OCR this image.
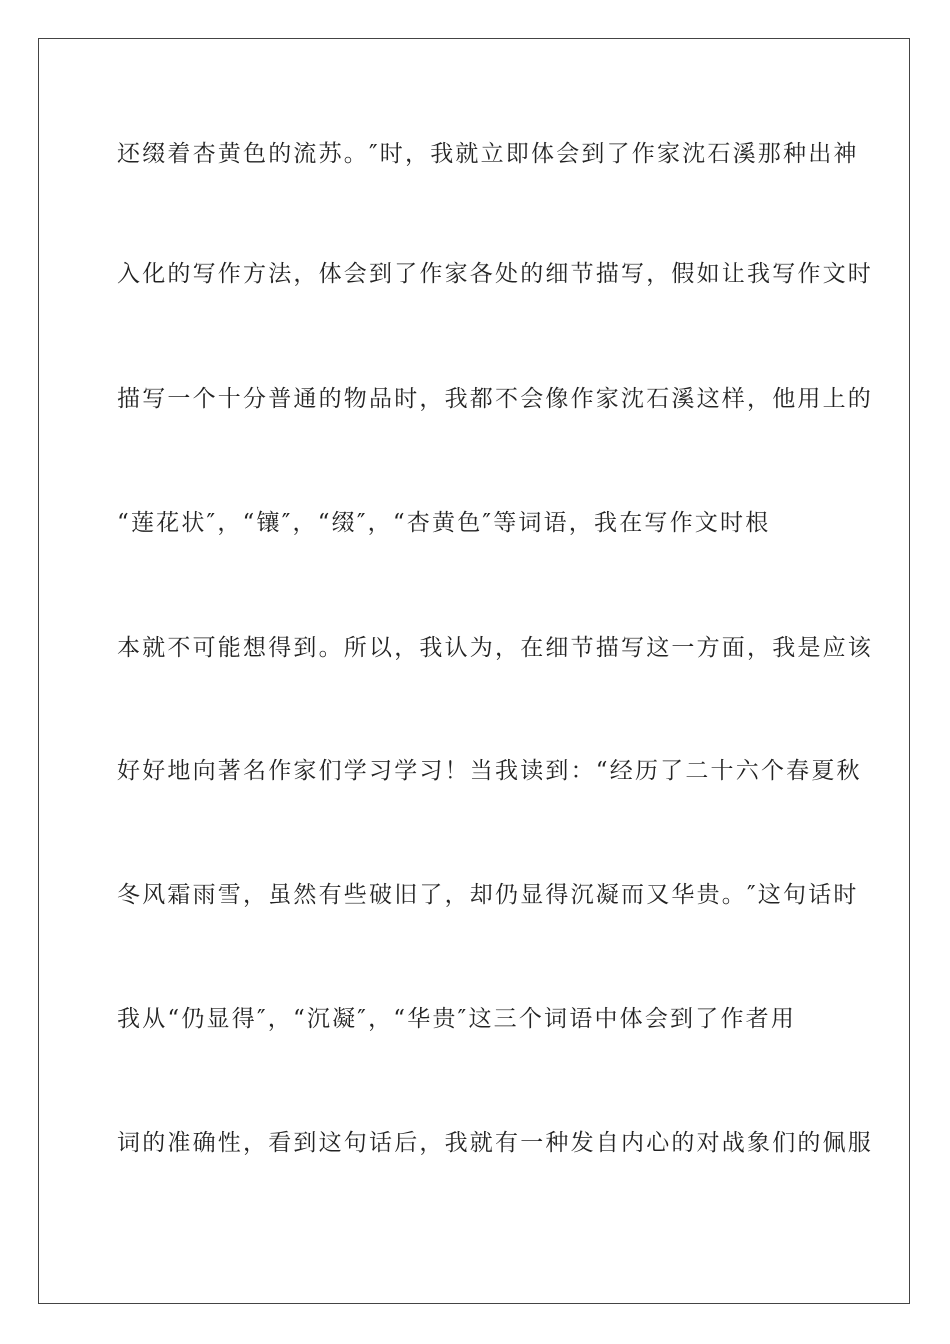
还缀着杏黄色的流苏。″时，我就立即体会到了作家沈石溪那种出神
入化的写作方法，体会到了作家各处的细节描写，假如让我写作文时
描写一个十分普通的物品时，我都不会像作家沈石溪这样，他用上的
“莲花状″，“镶″，“缀″，“杏黄色″等词语，我在写作文时根
本就不可能想得到。所以，我认为，在细节描写这一方面，我是应该
好好地向著名作家们学习学习！当我读到：“经历了二十六个春夏秋
冬风霜雨雪，虽然有些破旧了，却仍显得沉凝而又华贵。″这句话时
我从“仍显得″，“沉凝″，“华贵″这三个词语中体会到了作者用
词的准确性，看到这句话后，我就有一种发自内心的对战象们的佩服
